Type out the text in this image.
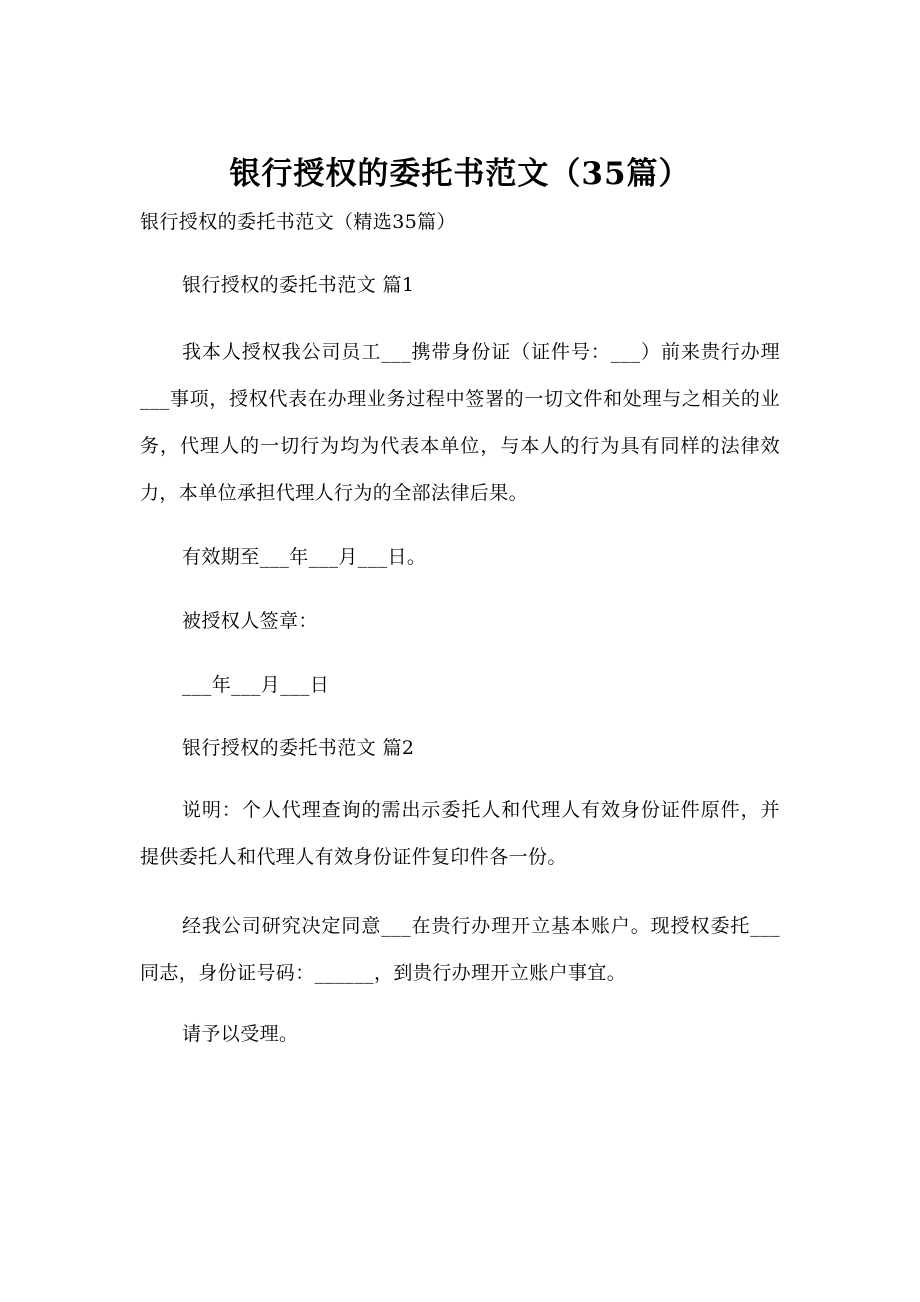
银行授权的委托书范文（35篇）

银行授权的委托书范文（精选35篇）

银行授权的委托书范文 篇1

我本人授权我公司员工___携带身份证（证件号：___）前来贵行办理___事项，授权代表在办理业务过程中签署的一切文件和处理与之相关的业务，代理人的一切行为均为代表本单位，与本人的行为具有同样的法律效力，本单位承担代理人行为的全部法律后果。

有效期至___年___月___日。

被授权人签章：

___年___月___日

银行授权的委托书范文 篇2

说明：个人代理查询的需出示委托人和代理人有效身份证件原件，并提供委托人和代理人有效身份证件复印件各一份。

经我公司研究决定同意___在贵行办理开立基本账户。现授权委托___同志，身份证号码：______，到贵行办理开立账户事宜。

请予以受理。
